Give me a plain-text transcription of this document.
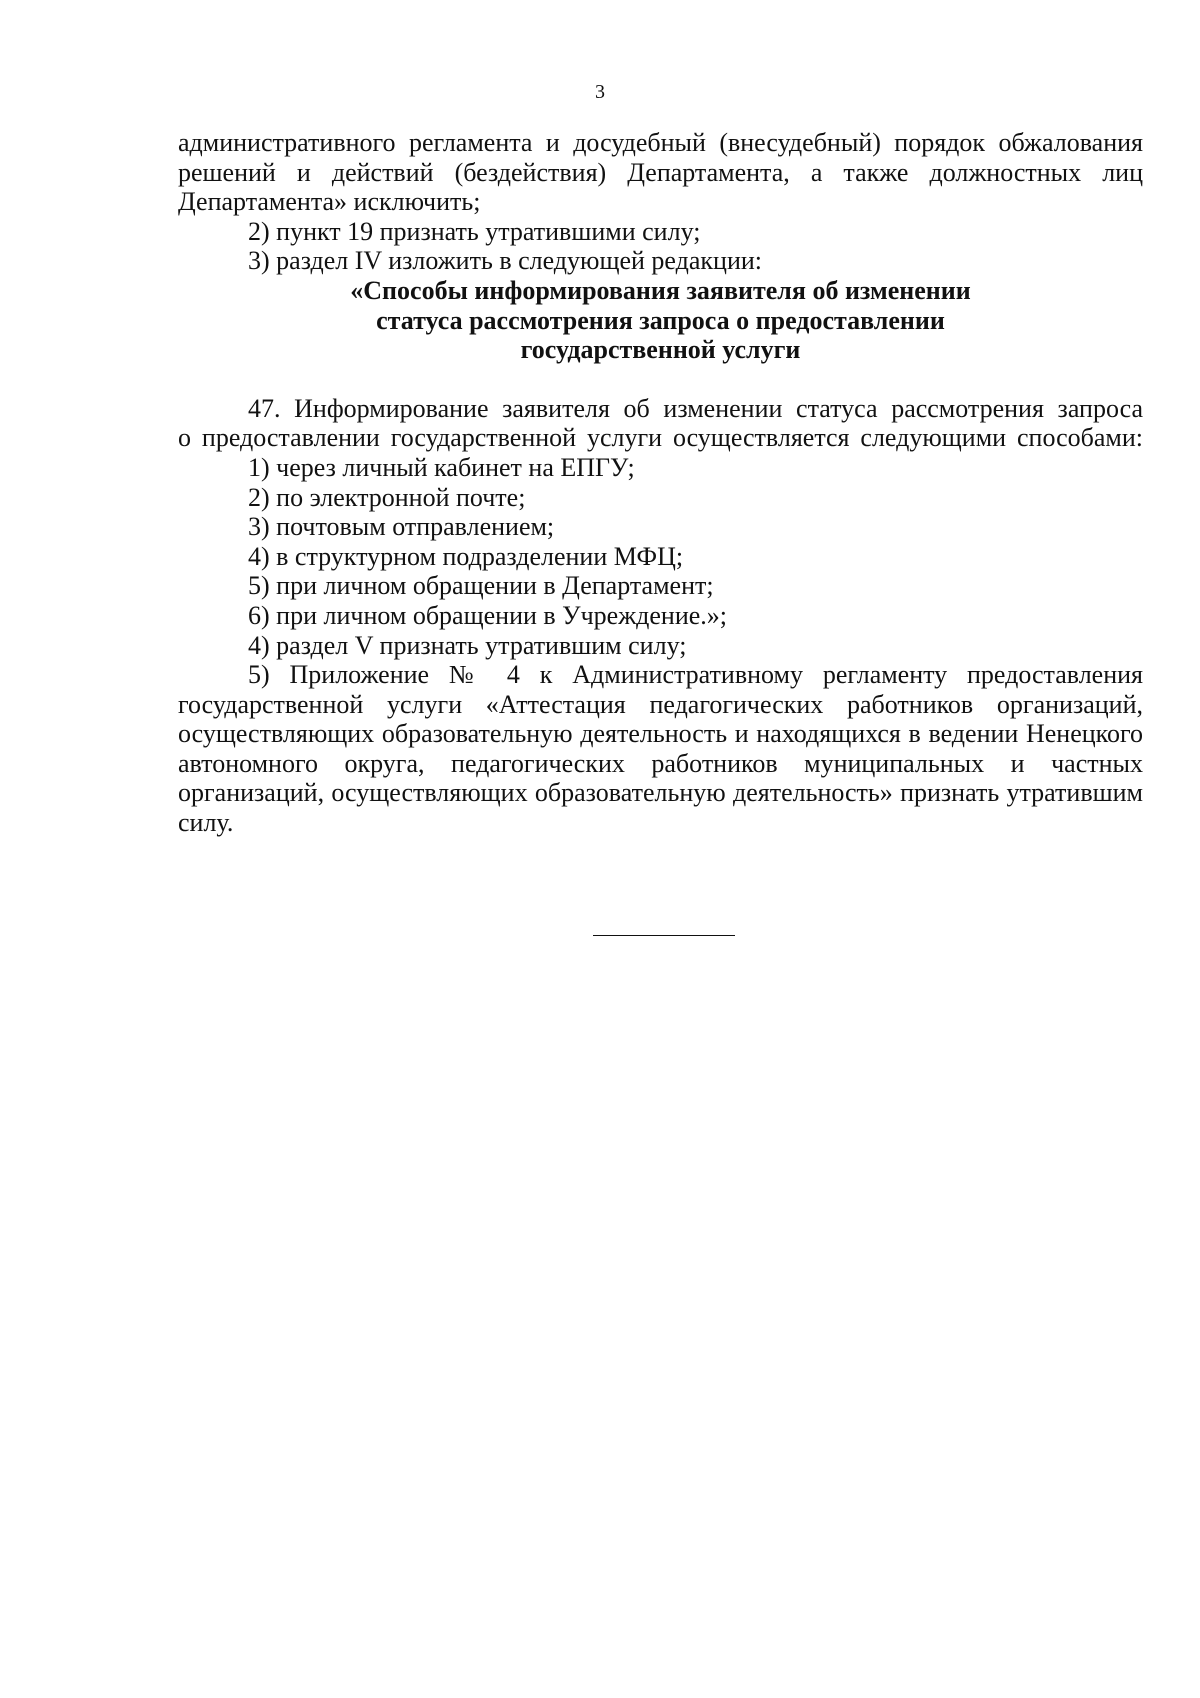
3

административного регламента и досудебный (внесудебный) порядок обжалования

решений и действий (бездействия) Департамента, а также должностных лиц

Департамента» исключить;

2) пункт 19 признать утратившими силу;

3) раздел IV изложить в следующей редакции:

«Способы информирования заявителя об изменении

статуса рассмотрения запроса о предоставлении

государственной услуги

47. Информирование заявителя об изменении статуса рассмотрения запроса

о предоставлении государственной услуги осуществляется следующими способами:

1) через личный кабинет на ЕПГУ;

2) по электронной почте;

3) почтовым отправлением;

4) в структурном подразделении МФЦ;

5) при личном обращении в Департамент;

6) при личном обращении в Учреждение.»;

4) раздел V признать утратившим силу;

5) Приложение № 4 к Административному регламенту предоставления

государственной услуги «Аттестация педагогических работников организаций,

осуществляющих образовательную деятельность и находящихся в ведении Ненецкого

автономного округа, педагогических работников муниципальных и частных

организаций, осуществляющих образовательную деятельность» признать утратившим

силу.
